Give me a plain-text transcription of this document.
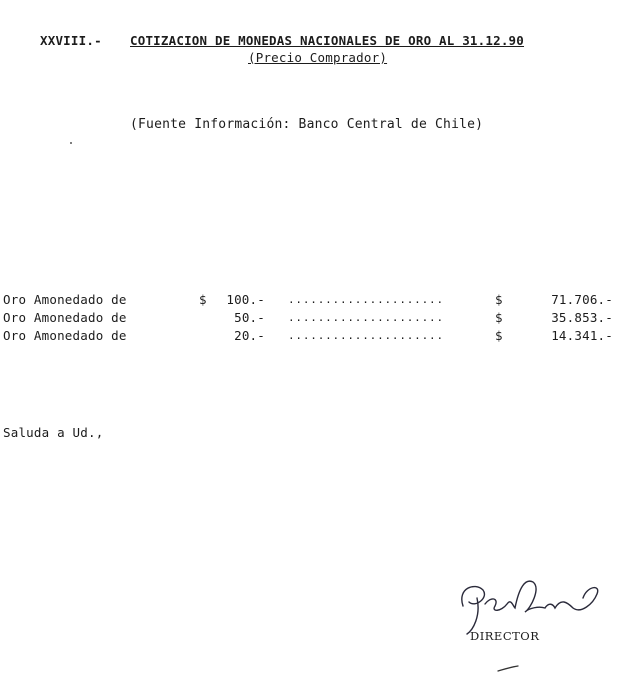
XXVIII.- COTIZACION DE MONEDAS NACIONALES DE ORO AL 31.12.90
(Precio Comprador)
(Fuente Información: Banco Central de Chile)
Oro Amonedado de	$	100.- .....................	$	71.706.-
Oro Amonedado de	50.- .....................	$	35.853.-
Oro Amonedado de	20.- .....................	$	14.341.-
Saluda a Ud.,
DIRECTOR
